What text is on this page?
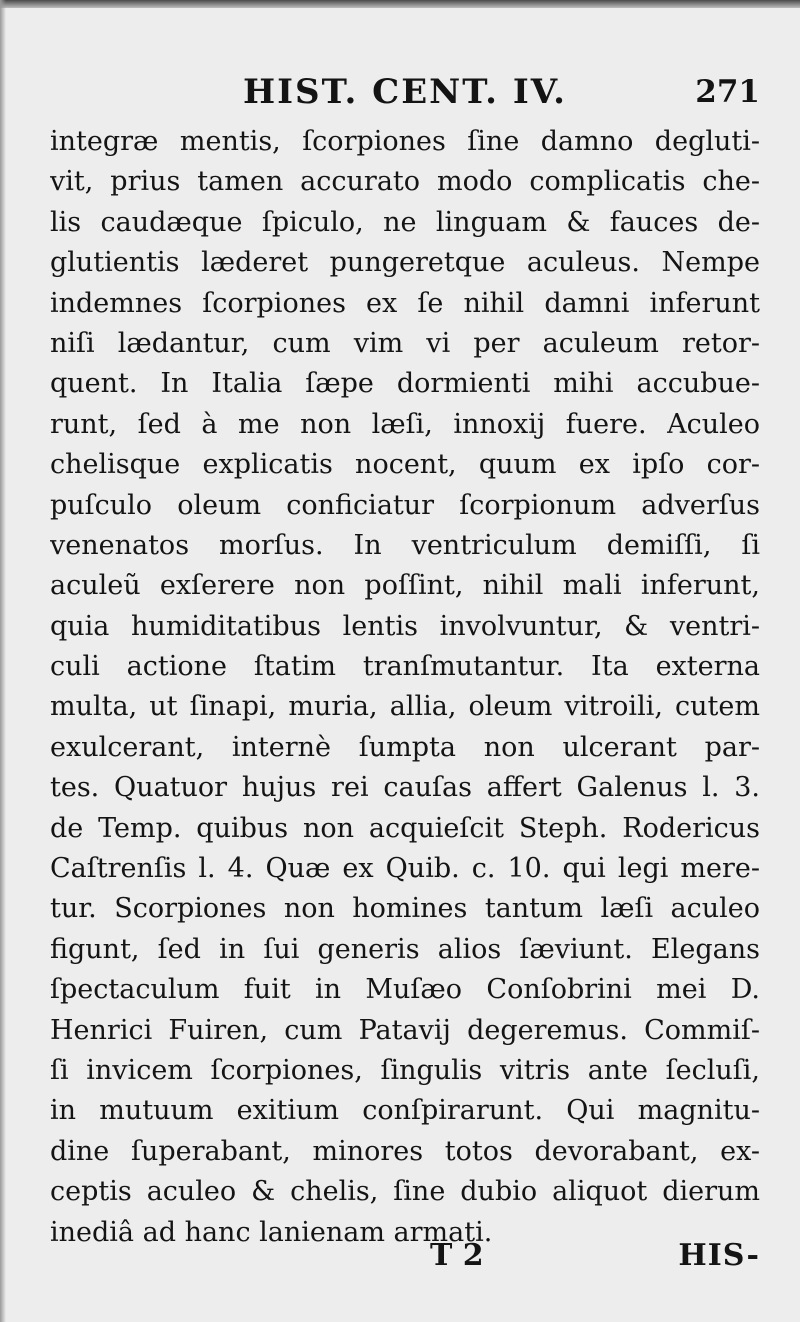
HIST. CENT. IV.	271
integræ mentis, ſcorpiones ſine damno degluti-
vit, prius tamen accurato modo complicatis che-
lis caudæque ſpiculo, ne linguam & fauces de-
glutientis læderet pungeretque aculeus. Nempe
indemnes ſcorpiones ex ſe nihil damni inferunt
niſi lædantur, cum vim vi per aculeum retor-
quent. In Italia ſæpe dormienti mihi accubue-
runt, ſed à me non læſi, innoxij fuere. Aculeo
chelisque explicatis nocent, quum ex ipſo cor-
puſculo oleum conficiatur ſcorpionum adverſus
venenatos morſus. In ventriculum demiſſi, ſi
aculeũ exſerere non poſſint, nihil mali inferunt,
quia humiditatibus lentis involvuntur, & ventri-
culi actione ſtatim tranſmutantur. Ita externa
multa, ut ſinapi, muria, allia, oleum vitroili, cutem
exulcerant, internè ſumpta non ulcerant par-
tes. Quatuor hujus rei cauſas affert Galenus l. 3.
de Temp. quibus non acquieſcit Steph. Rodericus
Caſtrenſis l. 4. Quæ ex Quib. c. 10. qui legi mere-
tur. Scorpiones non homines tantum læſi aculeo
figunt, ſed in ſui generis alios ſæviunt. Elegans
ſpectaculum fuit in Muſæo Conſobrini mei D.
Henrici Fuiren, cum Patavij degeremus. Commiſ-
ſi invicem ſcorpiones, ſingulis vitris ante ſecluſi,
in mutuum exitium conſpirarunt. Qui magnitu-
dine ſuperabant, minores totos devorabant, ex-
ceptis aculeo & chelis, ſine dubio aliquot dierum
inediâ ad hanc lanienam armati.
T 2	HIS-
